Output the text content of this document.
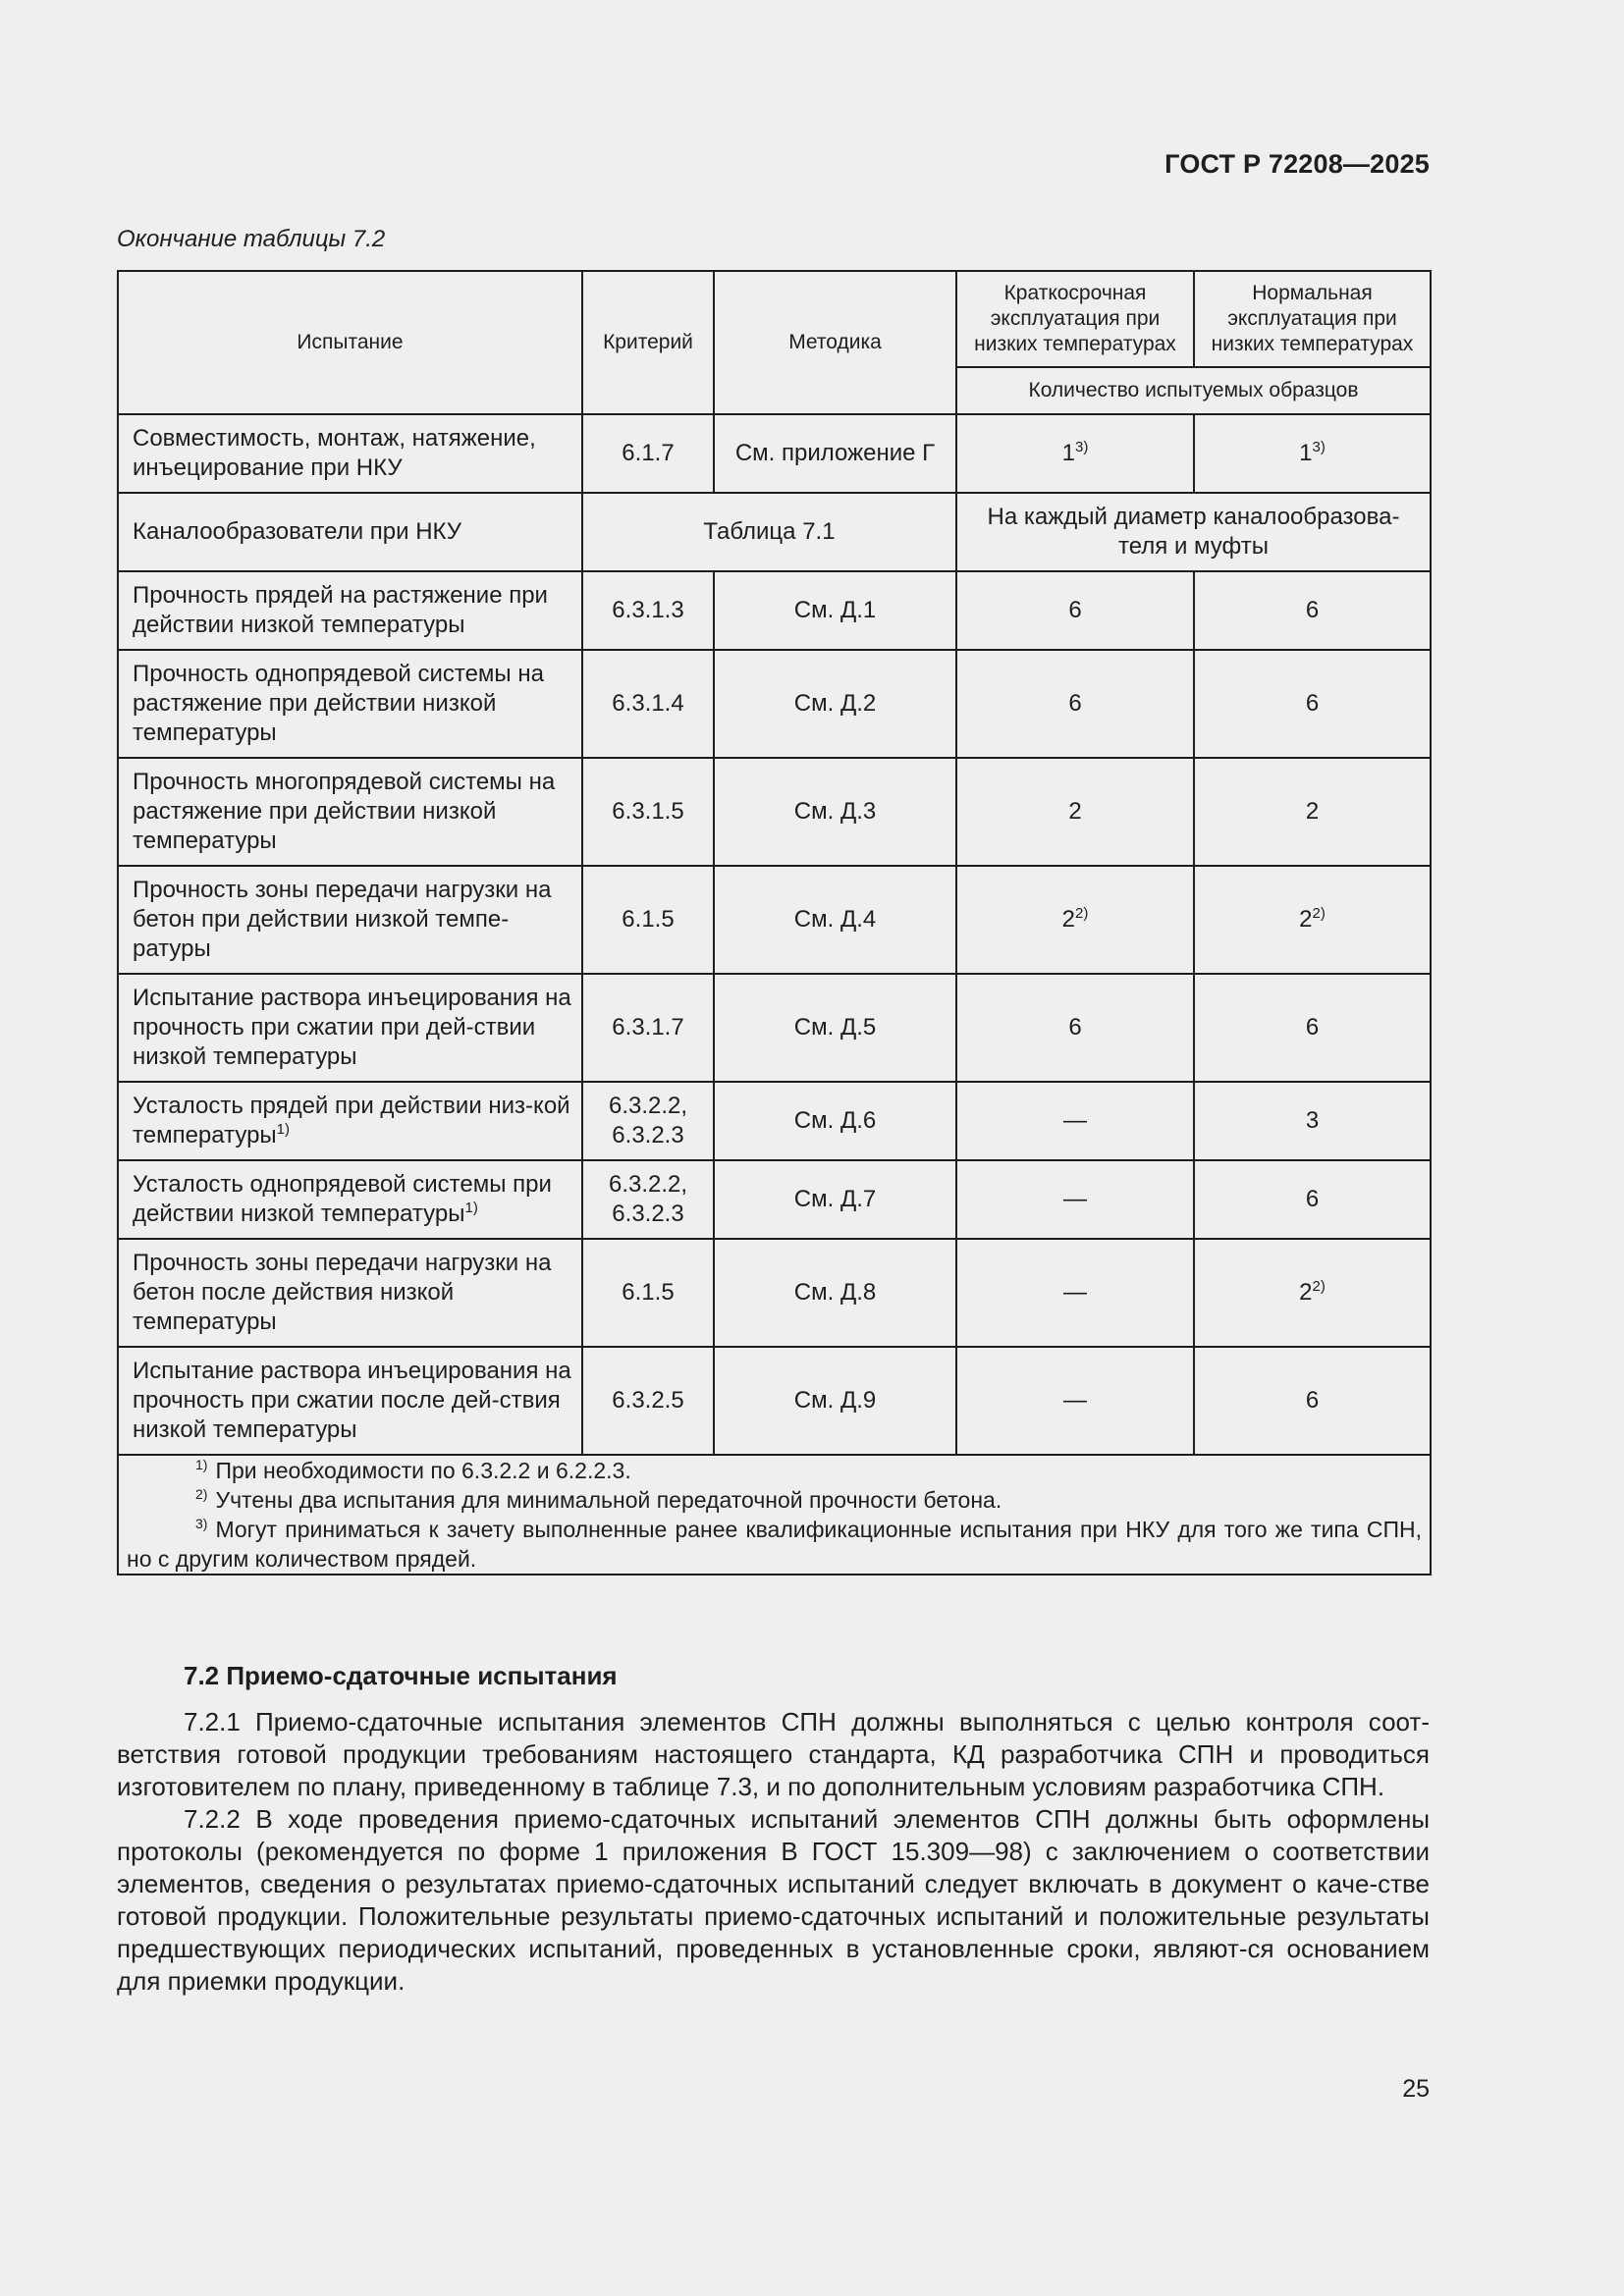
ГОСТ Р 72208—2025
Окончание таблицы 7.2
Испытание	Критерий	Методика	Краткосрочная эксплуатация при низких температурах	Нормальная эксплуатация при низких температурах
			Количество испытуемых образцов	
Совместимость, монтаж, натяжение, инъецирование при НКУ	6.1.7	См. приложение Г	1$^{3)}$	1$^{3)}$
Каналообразователи при НКУ	Таблица 7.1		На каждый диаметр каналообразова-теля и муфты	
Прочность прядей на растяжение при действии низкой температуры	6.3.1.3	См. Д.1	6	6
Прочность однопрядевой системы на растяжение при действии низкой температуры	6.3.1.4	См. Д.2	6	6
Прочность многопрядевой системы на растяжение при действии низкой температуры	6.3.1.5	См. Д.3	2	2
Прочность зоны передачи нагрузки на бетон при действии низкой темпе-ратуры	6.1.5	См. Д.4	2$^{2)}$	2$^{2)}$
Испытание раствора инъецирования на прочность при сжатии при дей-ствии низкой температуры	6.3.1.7	См. Д.5	6	6
Усталость прядей при действии низ-кой температуры$^{1)}$	6.3.2.2, 6.3.2.3	См. Д.6	—	3
Усталость однопрядевой системы при действии низкой температуры$^{1)}$	6.3.2.2, 6.3.2.3	См. Д.7	—	6
Прочность зоны передачи нагрузки на бетон после действия низкой температуры	6.1.5	См. Д.8	—	2$^{2)}$
Испытание раствора инъецирования на прочность при сжатии после дей-ствия низкой температуры	6.3.2.5	См. Д.9	—	6

$^{1)}$ При необходимости по 6.3.2.2 и 6.2.2.3.

$^{2)}$ Учтены два испытания для минимальной передаточной прочности бетона.

$^{3)}$ Могут приниматься к зачету выполненные ранее квалификационные испытания при НКУ для того же типа СПН, но с другим количеством прядей.				

7.2 Приемо-сдаточные испытания

7.2.1 Приемо-сдаточные испытания элементов СПН должны выполняться с целью контроля соот-ветствия готовой продукции требованиям настоящего стандарта, КД разработчика СПН и проводиться изготовителем по плану, приведенному в таблице 7.3, и по дополнительным условиям разработчика СПН.

7.2.2 В ходе проведения приемо-сдаточных испытаний элементов СПН должны быть оформлены протоколы (рекомендуется по форме 1 приложения В ГОСТ 15.309—98) с заключением о соответствии элементов, сведения о результатах приемо-сдаточных испытаний следует включать в документ о каче-стве готовой продукции. Положительные результаты приемо-сдаточных испытаний и положительные результаты предшествующих периодических испытаний, проведенных в установленные сроки, являют-ся основанием для приемки продукции.

25
